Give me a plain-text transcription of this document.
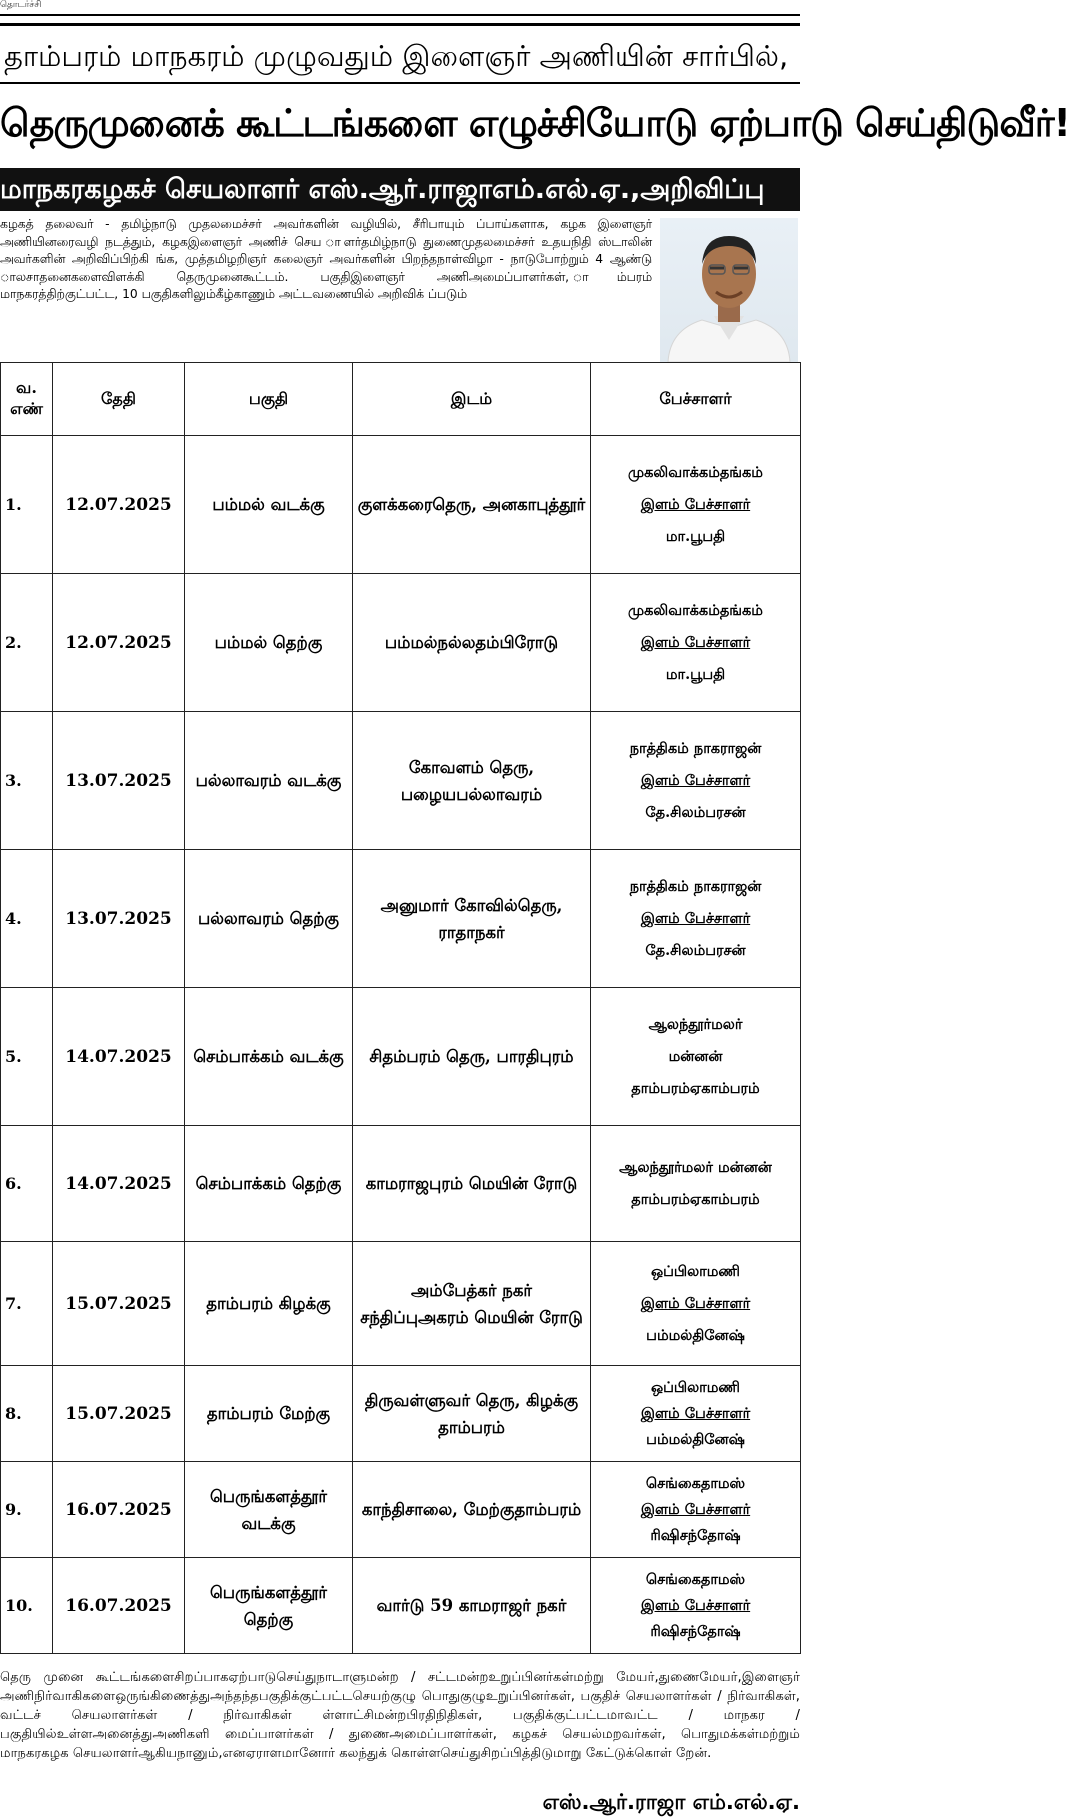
தொடர்ச்சி
தாம்பரம் மாநகரம் முழுவதும் இளைஞர் அணியின் சார்பில்,
தெருமுனைக் கூட்டங்களை எழுச்சியோடு ஏற்பாடு செய்திடுவீர்!
மாநகரகழகச் செயலாளர் எஸ்.ஆர்.ராஜாஎம்.எல்.ஏ.,அறிவிப்பு
கழகத் தலைவர் - தமிழ்நாடு முதலமைச்சர் அவர்களின் வழியில், சீரிபாயும் ப்பாய்களாக, கழக இளைஞர் அணியினரைவழி நடத்தும், கழகஇளைஞர் அணிச் செய ாளர்தமிழ்நாடு துணைமுதலமைச்சர் உதயநிதி ஸ்டாலின் அவர்களின் அறிவிப்பிற்கி ங்க, முத்தமிழறிஞர் கலைஞர் அவர்களின் பிறந்தநாள்விழா - நாடுபோற்றும் 4 ஆண்டு ாலசாதனைகளைவிளக்கி தெருமுனைகூட்டம். பகுதிஇளைஞர் அணிஅமைப்பாளர்கள், ாம்பரம் மாநகரத்திற்குட்பட்ட, 10 பகுதிகளிலும்கீழ்காணும் அட்டவணையில் அறிவிக் ப்படும்
வ. எண்	தேதி	பகுதி	இடம்	பேச்சாளர்
1.	12.07.2025	பம்மல் வடக்கு	குளக்கரைதெரு, அனகாபுத்தூர்	முகலிவாக்கம்தங்கம்
இளம் பேச்சாளர்
மா.பூபதி

2.	12.07.2025	பம்மல் தெற்கு	பம்மல்நல்லதம்பிரோடு	முகலிவாக்கம்தங்கம்
இளம் பேச்சாளர்
மா.பூபதி

3.	13.07.2025	பல்லாவரம் வடக்கு	கோவளம் தெரு, பழையபல்லாவரம்	நாத்திகம் நாகராஜன்
இளம் பேச்சாளர்
தே.சிலம்பரசன்

4.	13.07.2025	பல்லாவரம் தெற்கு	அனுமார் கோவில்தெரு, ராதாநகர்	நாத்திகம் நாகராஜன்
இளம் பேச்சாளர்
தே.சிலம்பரசன்

5.	14.07.2025	செம்பாக்கம் வடக்கு	சிதம்பரம் தெரு, பாரதிபுரம்	ஆலந்தூர்மலர்
மன்னன்
தாம்பரம்ஏகாம்பரம்

6.	14.07.2025	செம்பாக்கம் தெற்கு	காமராஜபுரம் மெயின் ரோடு	ஆலந்தூர்மலர் மன்னன்
தாம்பரம்ஏகாம்பரம்

7.	15.07.2025	தாம்பரம் கிழக்கு	அம்பேத்கர் நகர் சந்திப்புஅகரம் மெயின் ரோடு	ஒப்பிலாமணி
இளம் பேச்சாளர்
பம்மல்தினேஷ்

8.	15.07.2025	தாம்பரம் மேற்கு	திருவள்ளுவர் தெரு, கிழக்கு தாம்பரம்	ஒப்பிலாமணி
இளம் பேச்சாளர்
பம்மல்தினேஷ்

9.	16.07.2025	பெருங்களத்தூர் வடக்கு	காந்திசாலை, மேற்குதாம்பரம்	செங்கைதாமஸ்
இளம் பேச்சாளர்
ரிஷிசந்தோஷ்

10.	16.07.2025	பெருங்களத்தூர் தெற்கு	வார்டு 59 காமராஜர் நகர்	செங்கைதாமஸ்
இளம் பேச்சாளர்
ரிஷிசந்தோஷ்
தெரு முனை கூட்டங்களைசிறப்பாகஏற்பாடுசெய்துநாடாளுமன்ற / சட்டமன்றஉறுப்பினர்கள்மற்று மேயர்,துணைமேயர்,இளைஞர் அணிநிர்வாகிகளைஒருங்கிணைத்துஅந்தந்தபகுதிக்குட்பட்டசெயற்குழு பொதுகுழுஉறுப்பினர்கள், பகுதிச் செயலாளர்கள் / நிர்வாகிகள், வட்டச் செயலாளர்கள் / நிர்வாகிகள் ள்ளாட்சிமன்றபிரதிநிதிகள், பகுதிக்குட்பட்டமாவட்ட / மாநகர / பகுதியில்உள்ளஅனைத்துஅணிகளி மைப்பாளர்கள் / துணைஅமைப்பாளர்கள், கழகச் செயல்மறவர்கள், பொதுமக்கள்மற்றும் மாநகரகழக செயலாளர்ஆகியநானும்,எனஏராளமானோர் கலந்துக் கொள்ளசெய்துசிறப்பித்திடுமாறு கேட்டுக்கொள் றேன்.
எஸ்.ஆர்.ராஜா எம்.எல்.ஏ.
